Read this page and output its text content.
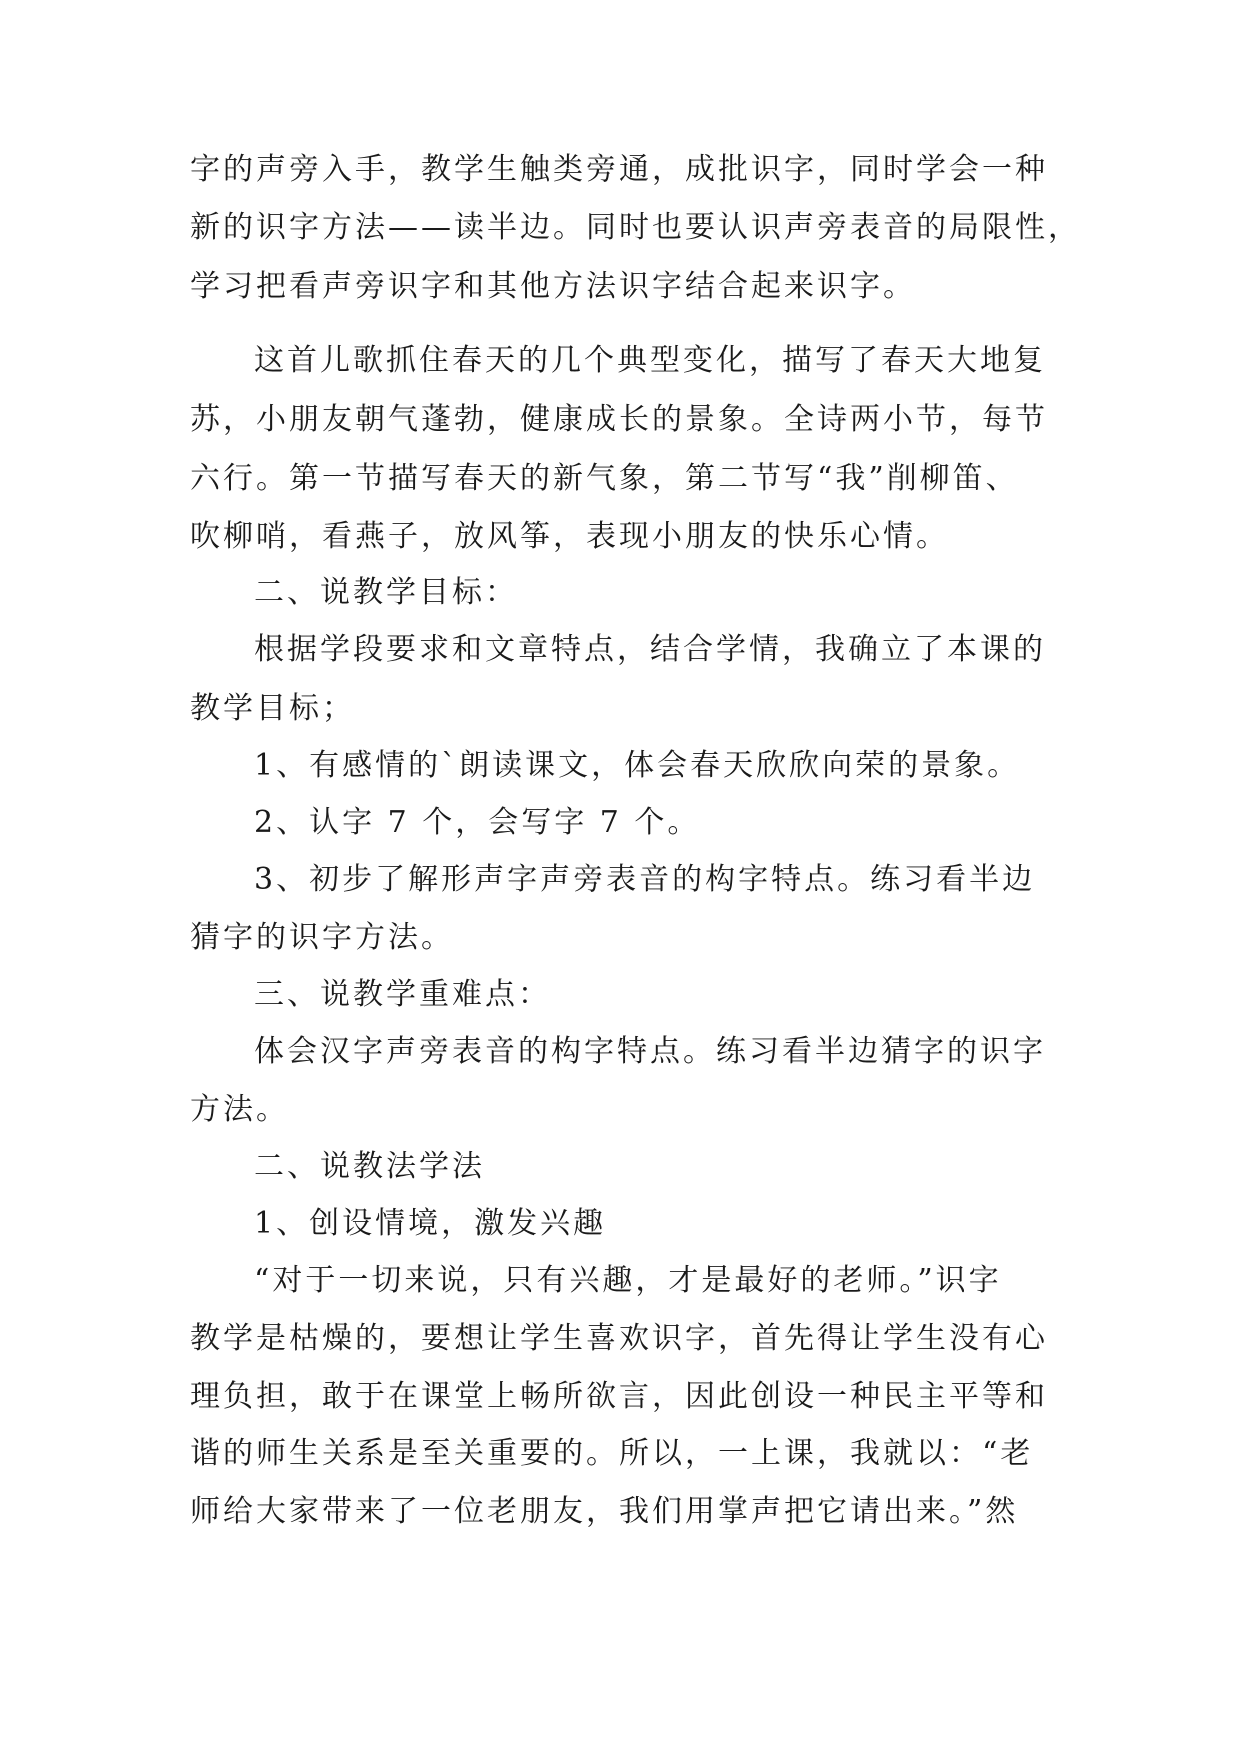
字的声旁入手，教学生触类旁通，成批识字，同时学会一种
新的识字方法——读半边。同时也要认识声旁表音的局限性，
学习把看声旁识字和其他方法识字结合起来识字。
这首儿歌抓住春天的几个典型变化，描写了春天大地复
苏，小朋友朝气蓬勃，健康成长的景象。全诗两小节，每节
六行。第一节描写春天的新气象，第二节写“我”削柳笛、
吹柳哨，看燕子，放风筝，表现小朋友的快乐心情。
二、说教学目标：
根据学段要求和文章特点，结合学情，我确立了本课的
教学目标；
1、有感情的`朗读课文，体会春天欣欣向荣的景象。
2、认字 7 个，会写字 7 个。
3、初步了解形声字声旁表音的构字特点。练习看半边
猜字的识字方法。
三、说教学重难点：
体会汉字声旁表音的构字特点。练习看半边猜字的识字
方法。
二、说教法学法
1、创设情境，激发兴趣
“对于一切来说，只有兴趣，才是最好的老师。”识字
教学是枯燥的，要想让学生喜欢识字，首先得让学生没有心
理负担，敢于在课堂上畅所欲言，因此创设一种民主平等和
谐的师生关系是至关重要的。所以，一上课，我就以：“老
师给大家带来了一位老朋友，我们用掌声把它请出来。”然
